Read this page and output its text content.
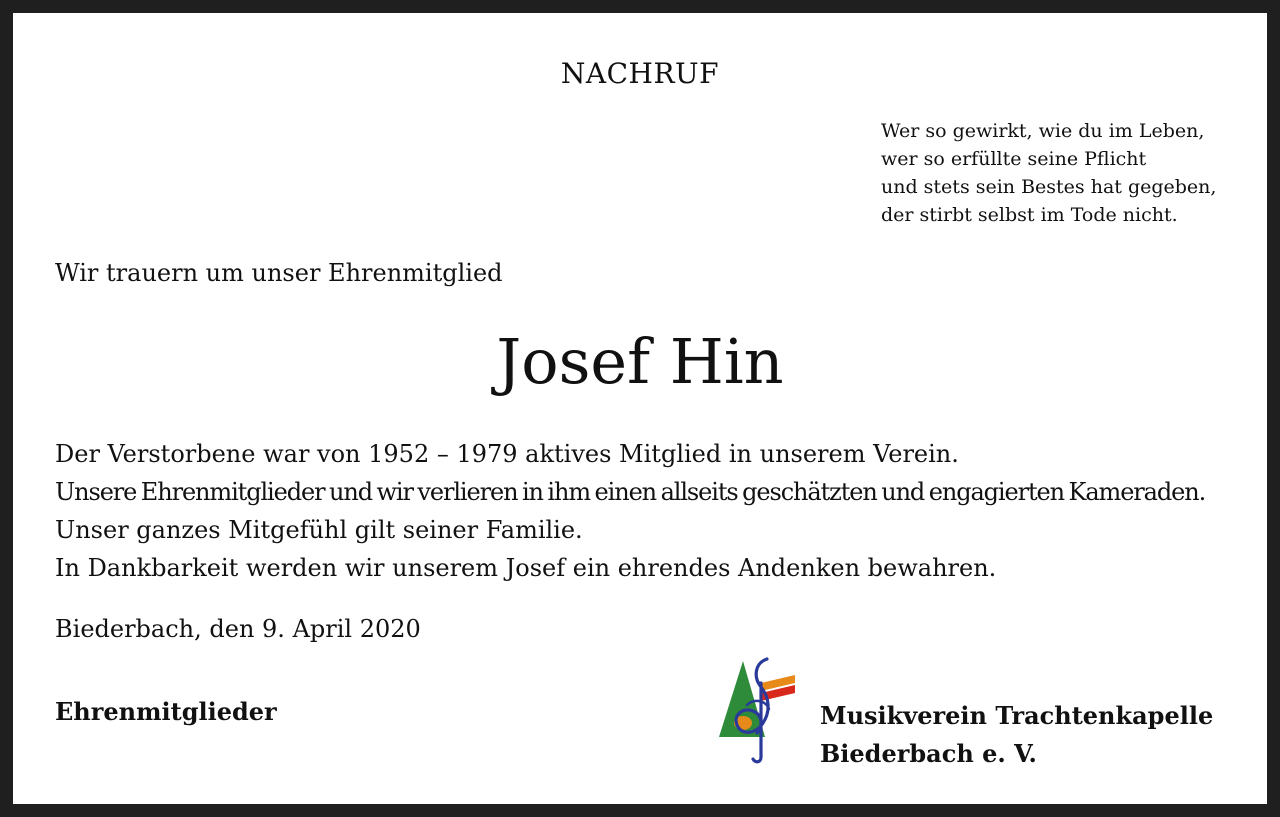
NACHRUF
Wer so gewirkt, wie du im Leben,
wer so erfüllte seine Pflicht
und stets sein Bestes hat gegeben,
der stirbt selbst im Tode nicht.
Wir trauern um unser Ehrenmitglied
Josef Hin
Der Verstorbene war von 1952 – 1979 aktives Mitglied in unserem Verein.
Unsere Ehrenmitglieder und wir verlieren in ihm einen allseits geschätzten und engagierten Kameraden.
Unser ganzes Mitgefühl gilt seiner Familie.
In Dankbarkeit werden wir unserem Josef ein ehrendes Andenken bewahren.
Biederbach, den 9. April 2020
Ehrenmitglieder	Musikverein Trachtenkapelle
Biederbach e. V.
